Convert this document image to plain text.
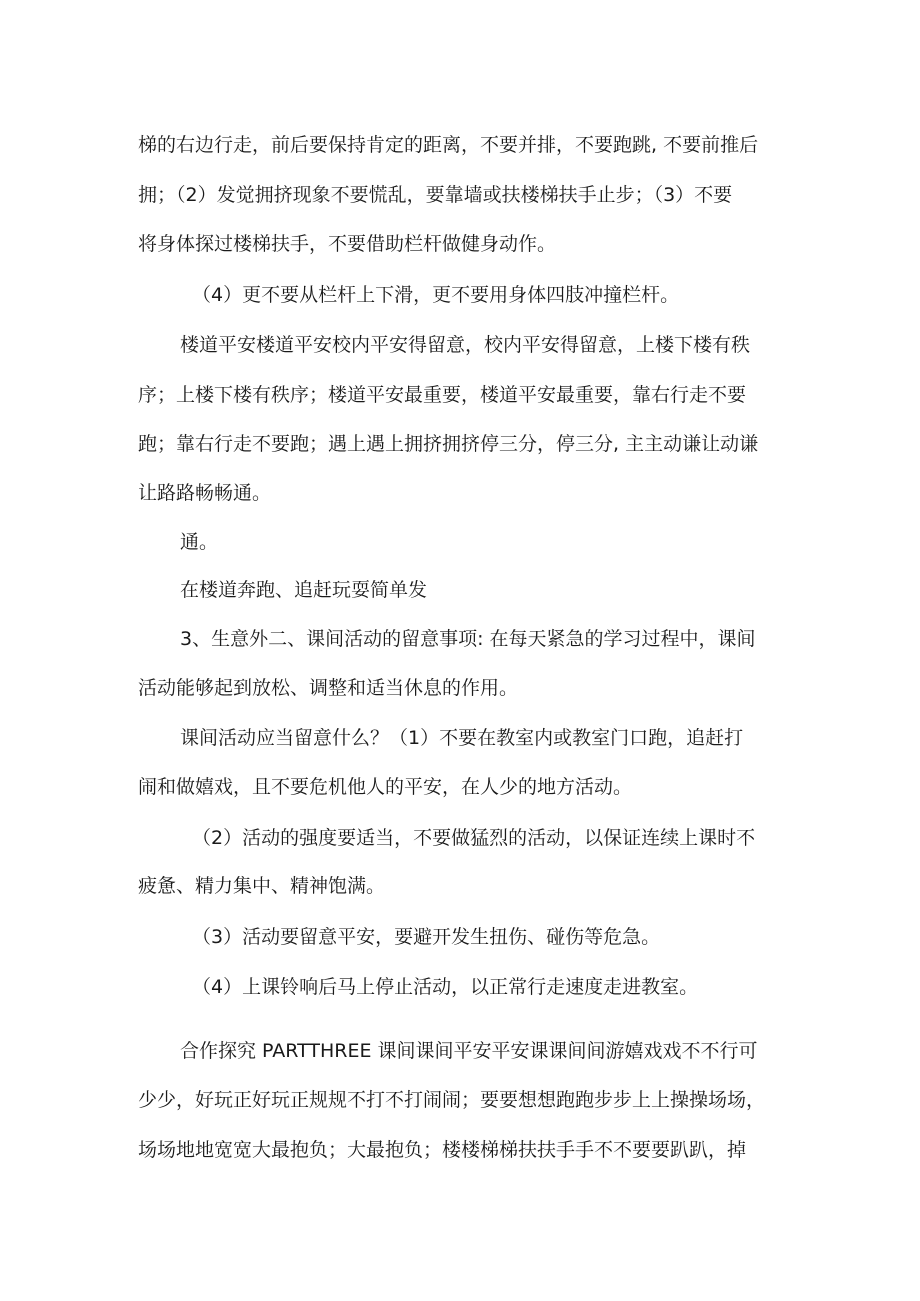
梯的右边行走，前后要保持肯定的距离，不要并排，不要跑跳, 不要前推后
拥；（2）发觉拥挤现象不要慌乱，要靠墙或扶楼梯扶手止步；（3）不要
将身体探过楼梯扶手，不要借助栏杆做健身动作。
（4）更不要从栏杆上下滑，更不要用身体四肢冲撞栏杆。
楼道平安楼道平安校内平安得留意，校内平安得留意，上楼下楼有秩
序；上楼下楼有秩序；楼道平安最重要，楼道平安最重要，靠右行走不要
跑；靠右行走不要跑；遇上遇上拥挤拥挤停三分，停三分, 主主动谦让动谦
让路路畅畅通。
通。
在楼道奔跑、追赶玩耍简单发
3、生意外二、课间活动的留意事项: 在每天紧急的学习过程中，课间
活动能够起到放松、调整和适当休息的作用。
课间活动应当留意什么？（1）不要在教室内或教室门口跑，追赶打
闹和做嬉戏，且不要危机他人的平安，在人少的地方活动。
（2）活动的强度要适当，不要做猛烈的活动，以保证连续上课时不
疲惫、精力集中、精神饱满。
（3）活动要留意平安，要避开发生扭伤、碰伤等危急。
（4）上课铃响后马上停止活动，以正常行走速度走进教室。
合作探究 PARTTHREE 课间课间平安平安课课间间游嬉戏戏不不行可
少少，好玩正好玩正规规不打不打闹闹；要要想想跑跑步步上上操操场场，
场场地地宽宽大最抱负；大最抱负；楼楼梯梯扶扶手手不不要要趴趴，掉
